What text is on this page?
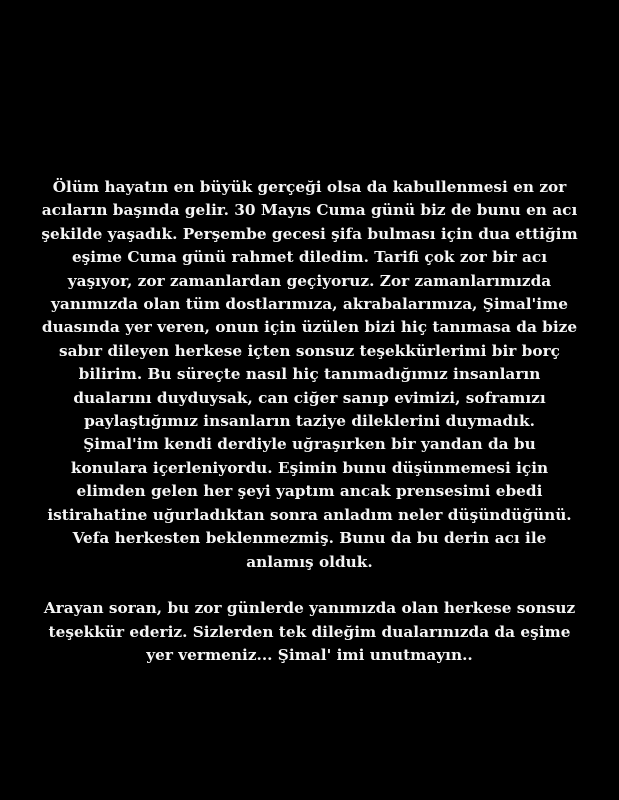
Ölüm hayatın en büyük gerçeği olsa da kabullenmesi en zor
acıların başında gelir. 30 Mayıs Cuma günü biz de bunu en acı
şekilde yaşadık. Perşembe gecesi şifa bulması için dua ettiğim
eşime Cuma günü rahmet diledim. Tarifi çok zor bir acı
yaşıyor, zor zamanlardan geçiyoruz. Zor zamanlarımızda
yanımızda olan tüm dostlarımıza, akrabalarımıza, Şimal'ime
duasında yer veren, onun için üzülen bizi hiç tanımasa da bize
sabır dileyen herkese içten sonsuz teşekkürlerimi bir borç
bilirim. Bu süreçte nasıl hiç tanımadığımız insanların
dualarını duyduysak, can ciğer sanıp evimizi, soframızı
paylaştığımız insanların taziye dileklerini duymadık.
Şimal'im kendi derdiyle uğraşırken bir yandan da bu
konulara içerleniyordu. Eşimin bunu düşünmemesi için
elimden gelen her şeyi yaptım ancak prensesimi ebedi
istirahatine uğurladıktan sonra anladım neler düşündüğünü.
Vefa herkesten beklenmezmiş. Bunu da bu derin acı ile
anlamış olduk.
Arayan soran, bu zor günlerde yanımızda olan herkese sonsuz
teşekkür ederiz. Sizlerden tek dileğim dualarınızda da eşime
yer vermeniz... Şimal' imi unutmayın..
